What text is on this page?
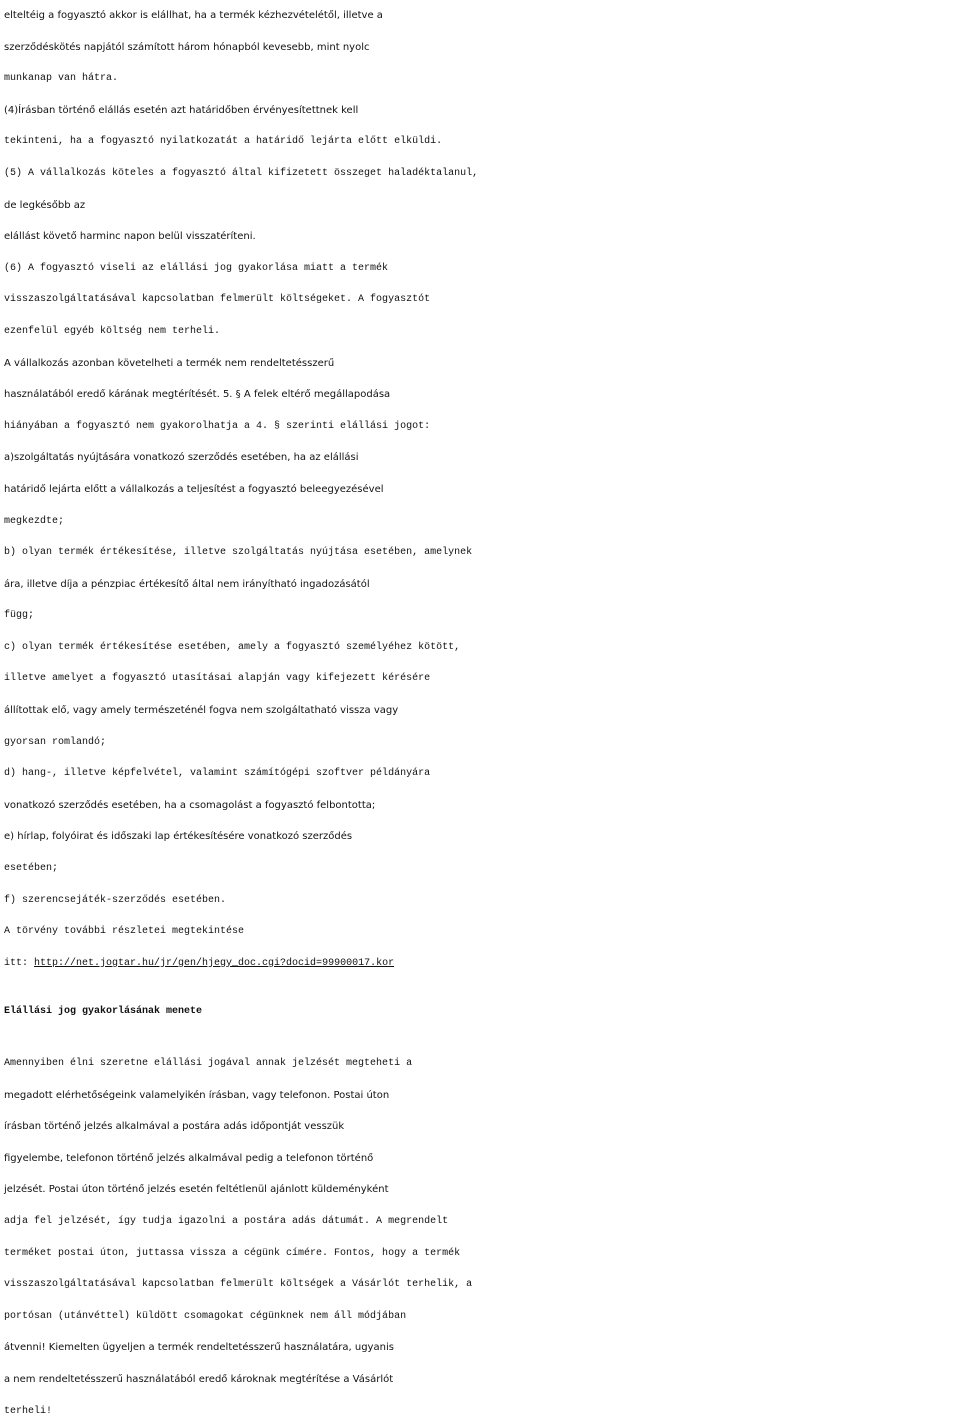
elteltéig a fogyasztó akkor is elállhat, ha a termék kézhezvételétől, illetve a
szerződéskötés napjától számított három hónapból kevesebb, mint nyolc
munkanap van hátra.
(4)Írásban történő elállás esetén azt határidőben érvényesítettnek kell
tekinteni, ha a fogyasztó nyilatkozatát a határidő lejárta előtt elküldi.
(5) A vállalkozás köteles a fogyasztó által kifizetett összeget haladéktalanul,
de legkésőbb az
elállást követő harminc napon belül visszatéríteni.
(6) A fogyasztó viseli az elállási jog gyakorlása miatt a termék
visszaszolgáltatásával kapcsolatban felmerült költségeket. A fogyasztót
ezenfelül egyéb költség nem terheli.
A vállalkozás azonban követelheti a termék nem rendeltetésszerű
használatából eredő kárának megtérítését. 5. § A felek eltérő megállapodása
hiányában a fogyasztó nem gyakorolhatja a 4. § szerinti elállási jogot:
a)szolgáltatás nyújtására vonatkozó szerződés esetében, ha az elállási
határidő lejárta előtt a vállalkozás a teljesítést a fogyasztó beleegyezésével
megkezdte;
b) olyan termék értékesítése, illetve szolgáltatás nyújtása esetében, amelynek
ára, illetve díja a pénzpiac értékesítő által nem irányítható ingadozásától
függ;
c) olyan termék értékesítése esetében, amely a fogyasztó személyéhez kötött,
illetve amelyet a fogyasztó utasításai alapján vagy kifejezett kérésére
állítottak elő, vagy amely természeténél fogva nem szolgáltatható vissza vagy
gyorsan romlandó;
d) hang-, illetve képfelvétel, valamint számítógépi szoftver példányára
vonatkozó szerződés esetében, ha a csomagolást a fogyasztó felbontotta;
e) hírlap, folyóirat és időszaki lap értékesítésére vonatkozó szerződés
esetében;
f) szerencsejáték-szerződés esetében.
A törvény további részletei megtekintése
itt: http://net.jogtar.hu/jr/gen/hjegy_doc.cgi?docid=99900017.kor
Elállási jog gyakorlásának menete
Amennyiben élni szeretne elállási jogával annak jelzését megteheti a
megadott elérhetőségeink valamelyikén írásban, vagy telefonon. Postai úton
írásban történő jelzés alkalmával a postára adás időpontját vesszük
figyelembe, telefonon történő jelzés alkalmával pedig a telefonon történő
jelzését. Postai úton történő jelzés esetén feltétlenül ajánlott küldeményként
adja fel jelzését, így tudja igazolni a postára adás dátumát. A megrendelt
terméket postai úton, juttassa vissza a cégünk címére. Fontos, hogy a termék
visszaszolgáltatásával kapcsolatban felmerült költségek a Vásárlót terhelik, a
portósan (utánvéttel) küldött csomagokat cégünknek nem áll módjában
átvenni! Kiemelten ügyeljen a termék rendeltetésszerű használatára, ugyanis
a nem rendeltetésszerű használatából eredő károknak megtérítése a Vásárlót
terheli!
